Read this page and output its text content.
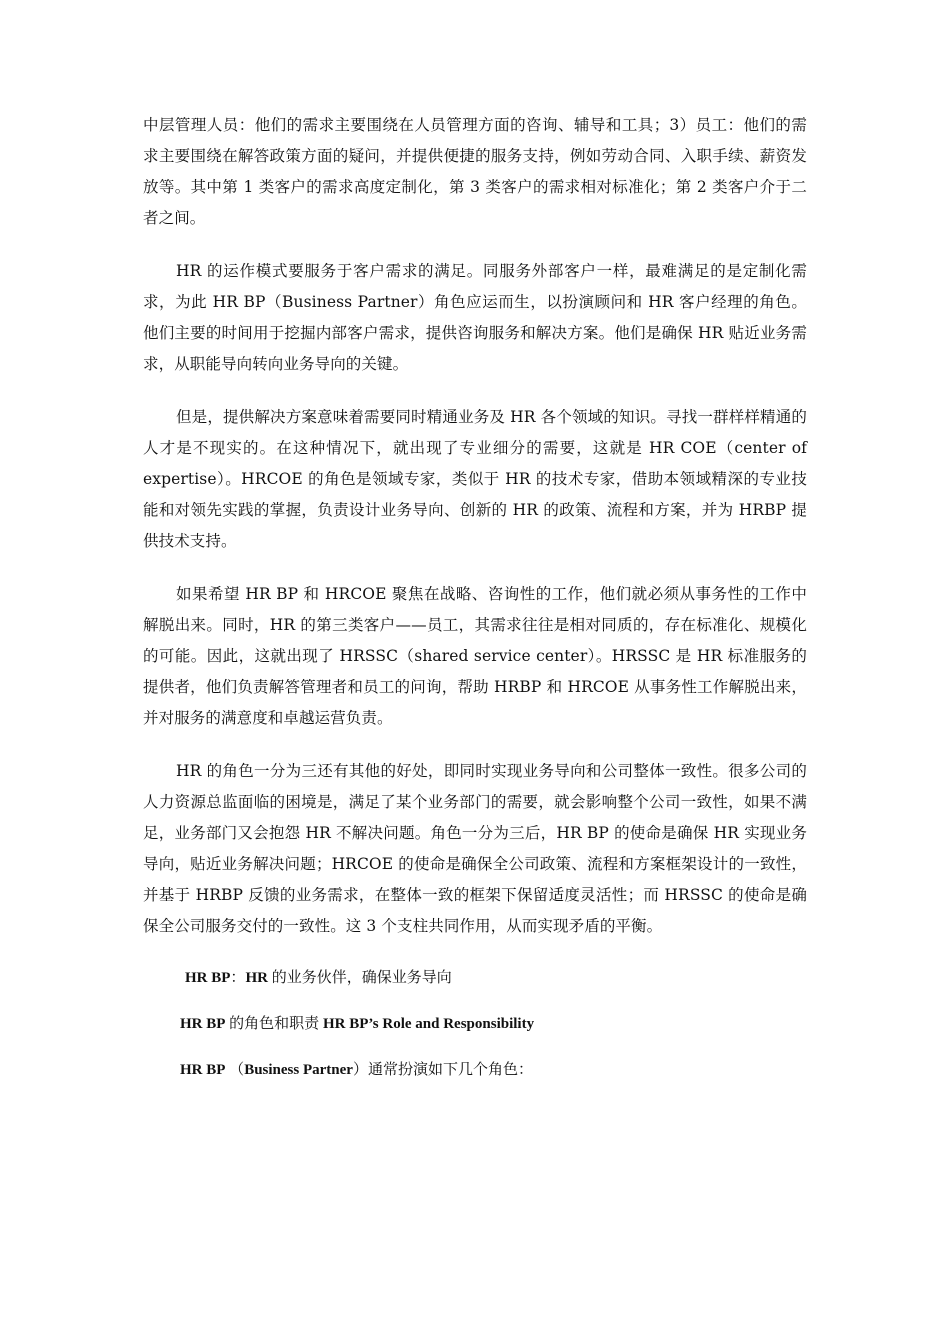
中层管理人员：他们的需求主要围绕在人员管理方面的咨询、辅导和工具；3）员工：他们的需求主要围绕在解答政策方面的疑问，并提供便捷的服务支持，例如劳动合同、入职手续、薪资发放等。其中第 1 类客户的需求高度定制化，第 3 类客户的需求相对标准化；第 2 类客户介于二者之间。

HR 的运作模式要服务于客户需求的满足。同服务外部客户一样，最难满足的是定制化需求，为此 HR BP（Business Partner）角色应运而生，以扮演顾问和 HR 客户经理的角色。他们主要的时间用于挖掘内部客户需求，提供咨询服务和解决方案。他们是确保 HR 贴近业务需求，从职能导向转向业务导向的关键。

但是，提供解决方案意味着需要同时精通业务及 HR 各个领域的知识。寻找一群样样精通的人才是不现实的。在这种情况下，就出现了专业细分的需要，这就是 HR COE（center of expertise）。HRCOE 的角色是领域专家，类似于 HR 的技术专家，借助本领域精深的专业技能和对领先实践的掌握，负责设计业务导向、创新的 HR 的政策、流程和方案，并为 HRBP 提供技术支持。

如果希望 HR BP 和 HRCOE 聚焦在战略、咨询性的工作，他们就必须从事务性的工作中解脱出来。同时，HR 的第三类客户——员工，其需求往往是相对同质的，存在标准化、规模化的可能。因此，这就出现了 HRSSC（shared service center）。HRSSC 是 HR 标准服务的提供者，他们负责解答管理者和员工的问询，帮助 HRBP 和 HRCOE 从事务性工作解脱出来，并对服务的满意度和卓越运营负责。

HR 的角色一分为三还有其他的好处，即同时实现业务导向和公司整体一致性。很多公司的人力资源总监面临的困境是，满足了某个业务部门的需要，就会影响整个公司一致性，如果不满足，业务部门又会抱怨 HR 不解决问题。角色一分为三后，HR BP 的使命是确保 HR 实现业务导向，贴近业务解决问题；HRCOE 的使命是确保全公司政策、流程和方案框架设计的一致性，并基于 HRBP 反馈的业务需求，在整体一致的框架下保留适度灵活性；而 HRSSC 的使命是确保全公司服务交付的一致性。这 3 个支柱共同作用，从而实现矛盾的平衡。

HR BP：HR 的业务伙伴，确保业务导向
HR BP 的角色和职责 HR BP’s Role and Responsibility
HR BP （Business Partner）通常扮演如下几个角色：
